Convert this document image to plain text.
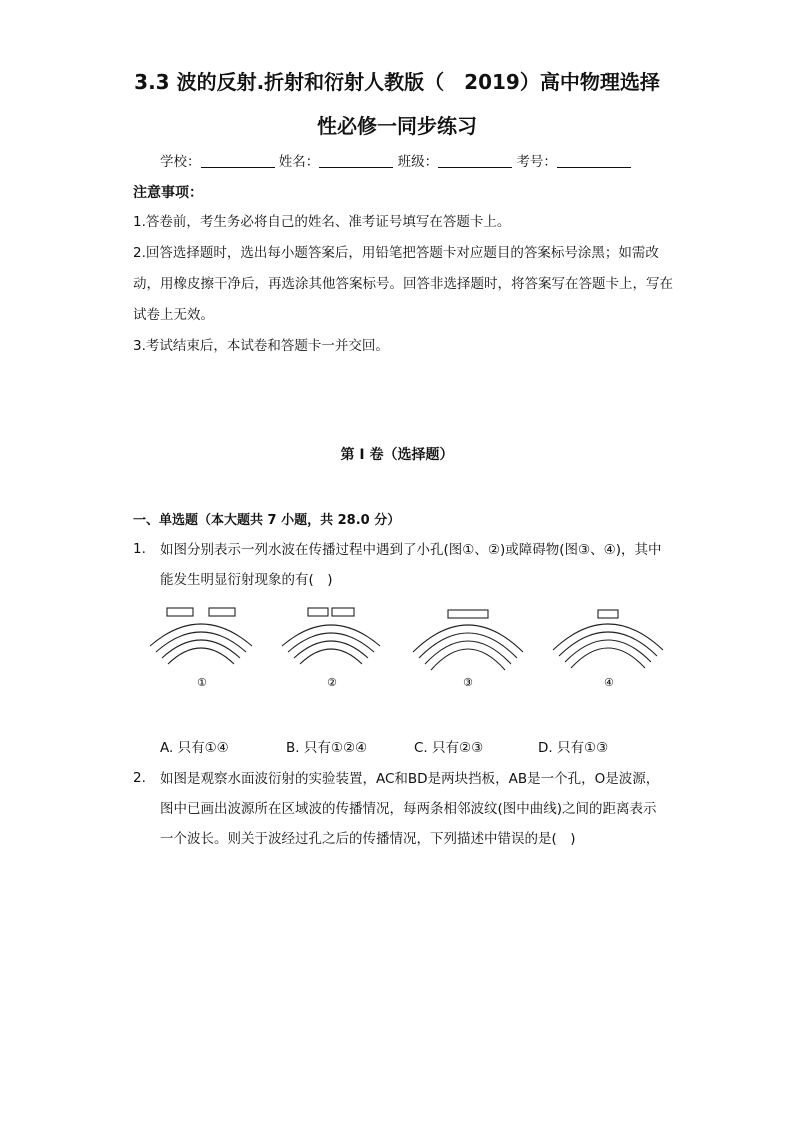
3.3 波的反射.折射和衍射人教版（　2019）高中物理选择
性必修一同步练习
学校：	姓名：	班级：	考号：
注意事项：
1.答卷前，考生务必将自己的姓名、准考证号填写在答题卡上。
2.回答选择题时，选出每小题答案后，用铅笔把答题卡对应题目的答案标号涂黑；如需改动，用橡皮擦干净后，再选涂其他答案标号。回答非选择题时，将答案写在答题卡上，写在试卷上无效。
3.考试结束后，本试卷和答题卡一并交回。
第 I 卷（选择题）
一、单选题（本大题共 7 小题，共 28.0 分）
1. 如图分别表示一列水波在传播过程中遇到了小孔(图①、②)或障碍物(图③、④)，其中能发生明显衍射现象的有(　)
①	②	③	④
A. 只有①④	B. 只有①②④	C. 只有②③	D. 只有①③
2. 如图是观察水面波衍射的实验装置，AC和BD是两块挡板，AB是一个孔，O是波源，图中已画出波源所在区域波的传播情况，每两条相邻波纹(图中曲线)之间的距离表示一个波长。则关于波经过孔之后的传播情况，下列描述中错误的是(　)
